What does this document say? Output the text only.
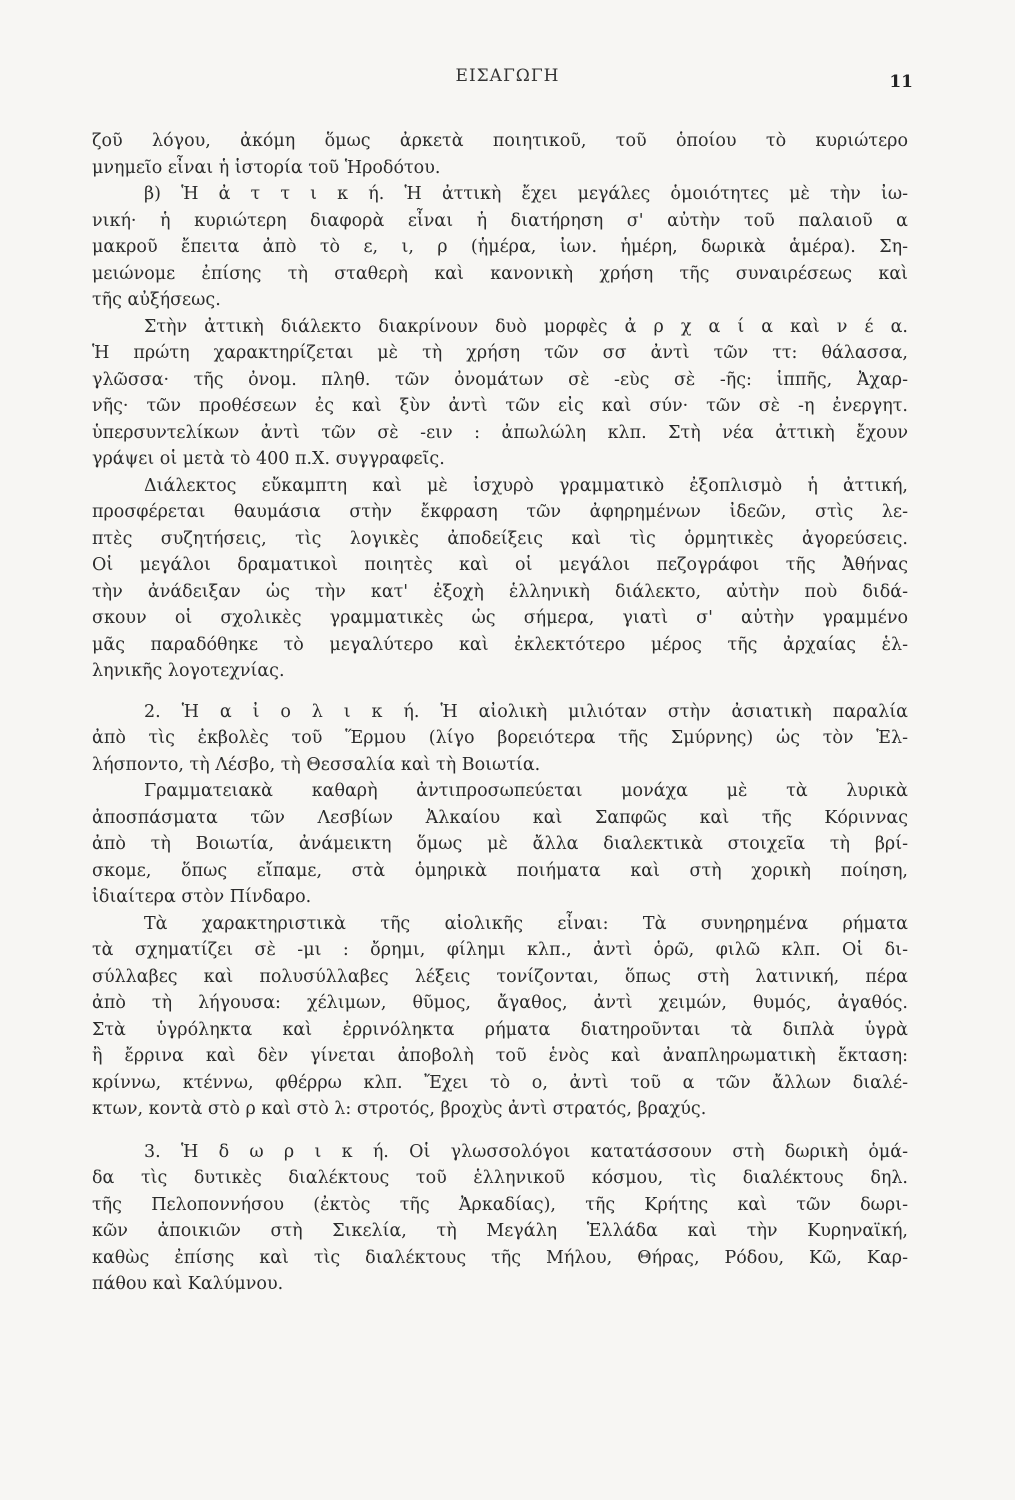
ΕΙΣΑΓΩΓΗ	11
ζοῦ λόγου, ἀκόμη ὅμως ἀρκετὰ ποιητικοῦ, τοῦ ὁποίου τὸ κυριώτερο
μνημεῖο εἶναι ἡ ἱστορία τοῦ Ἡροδότου.
β) Ἡ ἀ τ τ ι κ ή. Ἡ ἀττικὴ ἔχει μεγάλες ὁμοιότητες μὲ τὴν ἰω-
νική· ἡ κυριώτερη διαφορὰ εἶναι ἡ διατήρηση σ' αὐτὴν τοῦ παλαιοῦ α
μακροῦ ἔπειτα ἀπὸ τὸ ε, ι, ρ (ἡμέρα, ἰων. ἡμέρη, δωρικὰ ἁμέρα). Ση-
μειώνομε ἐπίσης τὴ σταθερὴ καὶ κανονικὴ χρήση τῆς συναιρέσεως καὶ
τῆς αὐξήσεως.
Στὴν ἀττικὴ διάλεκτο διακρίνουν δυὸ μορφὲς ἀ ρ χ α ί α καὶ ν έ α.
Ἡ πρώτη χαρακτηρίζεται μὲ τὴ χρήση τῶν σσ ἀντὶ τῶν ττ: θάλασσα,
γλῶσσα· τῆς ὀνομ. πληθ. τῶν ὀνομάτων σὲ -εὺς σὲ -ῆς: ἱππῆς, Ἀχαρ-
νῆς· τῶν προθέσεων ἐς καὶ ξὺν ἀντὶ τῶν εἰς καὶ σύν· τῶν σὲ -η ἐνεργητ.
ὑπερσυντελίκων ἀντὶ τῶν σὲ -ειν : ἀπωλώλη κλπ. Στὴ νέα ἀττικὴ ἔχουν
γράψει οἱ μετὰ τὸ 400 π.Χ. συγγραφεῖς.
Διάλεκτος εὔκαμπτη καὶ μὲ ἰσχυρὸ γραμματικὸ ἐξοπλισμὸ ἡ ἀττική,
προσφέρεται θαυμάσια στὴν ἔκφραση τῶν ἀφηρημένων ἰδεῶν, στὶς λε-
πτὲς συζητήσεις, τὶς λογικὲς ἀποδείξεις καὶ τὶς ὁρμητικὲς ἀγορεύσεις.
Οἱ μεγάλοι δραματικοὶ ποιητὲς καὶ οἱ μεγάλοι πεζογράφοι τῆς Ἀθήνας
τὴν ἀνάδειξαν ὡς τὴν κατ' ἐξοχὴ ἑλληνικὴ διάλεκτο, αὐτὴν ποὺ διδά-
σκουν οἱ σχολικὲς γραμματικὲς ὡς σήμερα, γιατὶ σ' αὐτὴν γραμμένο
μᾶς παραδόθηκε τὸ μεγαλύτερο καὶ ἐκλεκτότερο μέρος τῆς ἀρχαίας ἑλ-
ληνικῆς λογοτεχνίας.
2. Ἡ α ἰ ο λ ι κ ή. Ἡ αἰολικὴ μιλιόταν στὴν ἀσιατικὴ παραλία
ἀπὸ τὶς ἐκβολὲς τοῦ Ἕρμου (λίγο βορειότερα τῆς Σμύρνης) ὡς τὸν Ἑλ-
λήσποντο, τὴ Λέσβο, τὴ Θεσσαλία καὶ τὴ Βοιωτία.
Γραμματειακὰ καθαρὴ ἀντιπροσωπεύεται μονάχα μὲ τὰ λυρικὰ
ἀποσπάσματα τῶν Λεσβίων Ἀλκαίου καὶ Σαπφῶς καὶ τῆς Κόριννας
ἀπὸ τὴ Βοιωτία, ἀνάμεικτη ὅμως μὲ ἄλλα διαλεκτικὰ στοιχεῖα τὴ βρί-
σκομε, ὅπως εἴπαμε, στὰ ὁμηρικὰ ποιήματα καὶ στὴ χορικὴ ποίηση,
ἰδιαίτερα στὸν Πίνδαρο.
Τὰ χαρακτηριστικὰ τῆς αἰολικῆς εἶναι: Τὰ συνηρημένα ρήματα
τὰ σχηματίζει σὲ -μι : ὄρημι, φίλημι κλπ., ἀντὶ ὁρῶ, φιλῶ κλπ. Οἱ δι-
σύλλαβες καὶ πολυσύλλαβες λέξεις τονίζονται, ὅπως στὴ λατινική, πέρα
ἀπὸ τὴ λήγουσα: χέλιμων, θῦμος, ἄγαθος, ἀντὶ χειμών, θυμός, ἀγαθός.
Στὰ ὑγρόληκτα καὶ ἐρρινόληκτα ρήματα διατηροῦνται τὰ διπλὰ ὑγρὰ
ἢ ἔρρινα καὶ δὲν γίνεται ἀποβολὴ τοῦ ἑνὸς καὶ ἀναπληρωματικὴ ἔκταση:
κρίννω, κτέννω, φθέρρω κλπ. Ἔχει τὸ ο, ἀντὶ τοῦ α τῶν ἄλλων διαλέ-
κτων, κοντὰ στὸ ρ καὶ στὸ λ: στροτός, βροχὺς ἀντὶ στρατός, βραχύς.
3. Ἡ δ ω ρ ι κ ή. Οἱ γλωσσολόγοι κατατάσσουν στὴ δωρικὴ ὁμά-
δα τὶς δυτικὲς διαλέκτους τοῦ ἑλληνικοῦ κόσμου, τὶς διαλέκτους δηλ.
τῆς Πελοποννήσου (ἐκτὸς τῆς Ἀρκαδίας), τῆς Κρήτης καὶ τῶν δωρι-
κῶν ἀποικιῶν στὴ Σικελία, τὴ Μεγάλη Ἑλλάδα καὶ τὴν Κυρηναϊκή,
καθὼς ἐπίσης καὶ τὶς διαλέκτους τῆς Μήλου, Θήρας, Ρόδου, Κῶ, Καρ-
πάθου καὶ Καλύμνου.
